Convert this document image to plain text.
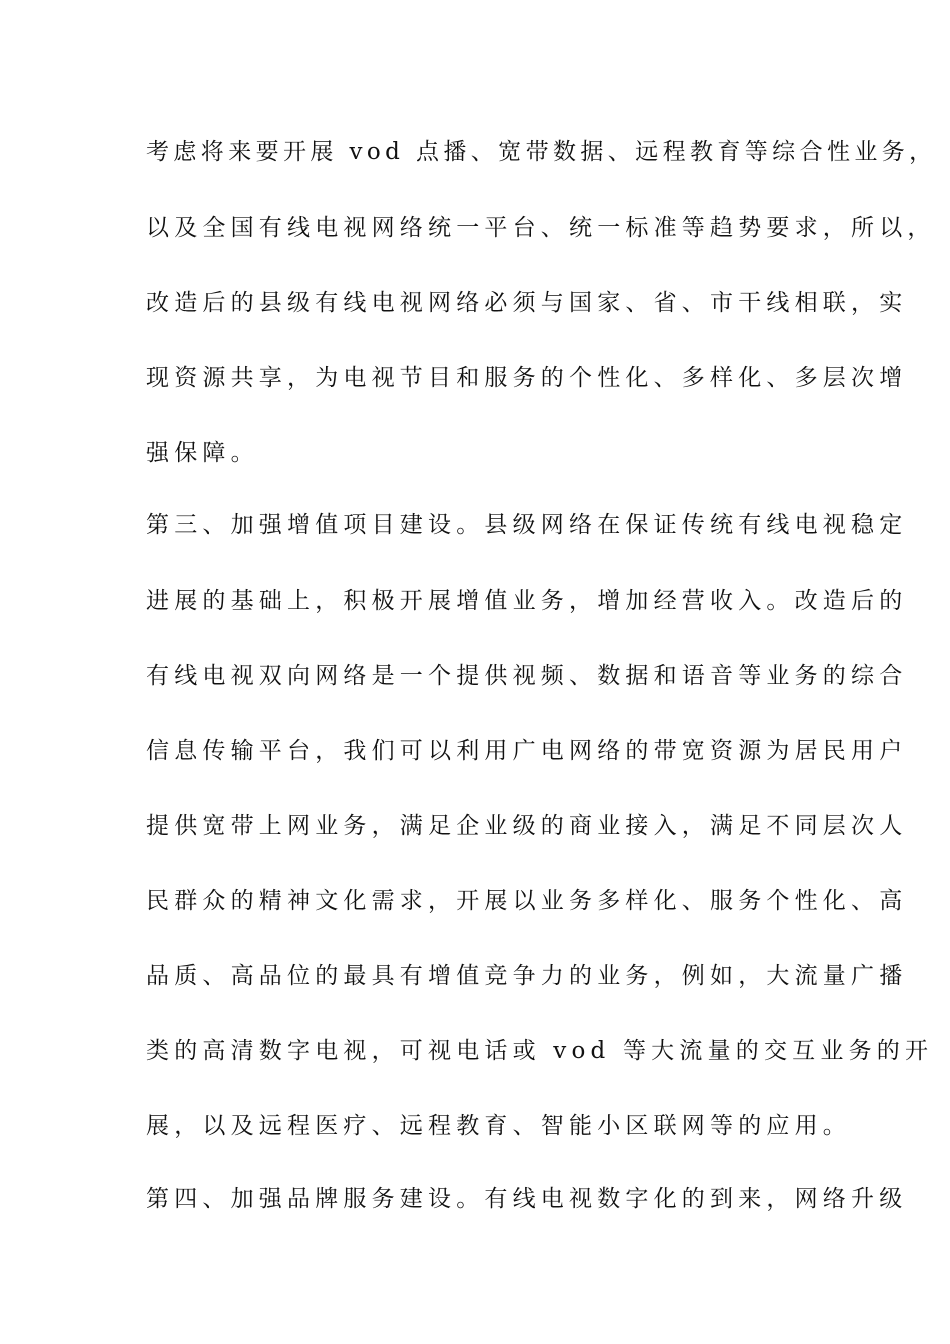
考虑将来要开展 vod 点播、宽带数据、远程教育等综合性业务，
以及全国有线电视网络统一平台、统一标准等趋势要求，所以，
改造后的县级有线电视网络必须与国家、省、市干线相联，实
现资源共享，为电视节目和服务的个性化、多样化、多层次增
强保障。
第三、加强增值项目建设。县级网络在保证传统有线电视稳定
进展的基础上，积极开展增值业务，增加经营收入。改造后的
有线电视双向网络是一个提供视频、数据和语音等业务的综合
信息传输平台，我们可以利用广电网络的带宽资源为居民用户
提供宽带上网业务，满足企业级的商业接入，满足不同层次人
民群众的精神文化需求，开展以业务多样化、服务个性化、高
品质、高品位的最具有增值竞争力的业务，例如，大流量广播
类的高清数字电视，可视电话或 vod 等大流量的交互业务的开
展，以及远程医疗、远程教育、智能小区联网等的应用。
第四、加强品牌服务建设。有线电视数字化的到来，网络升级
